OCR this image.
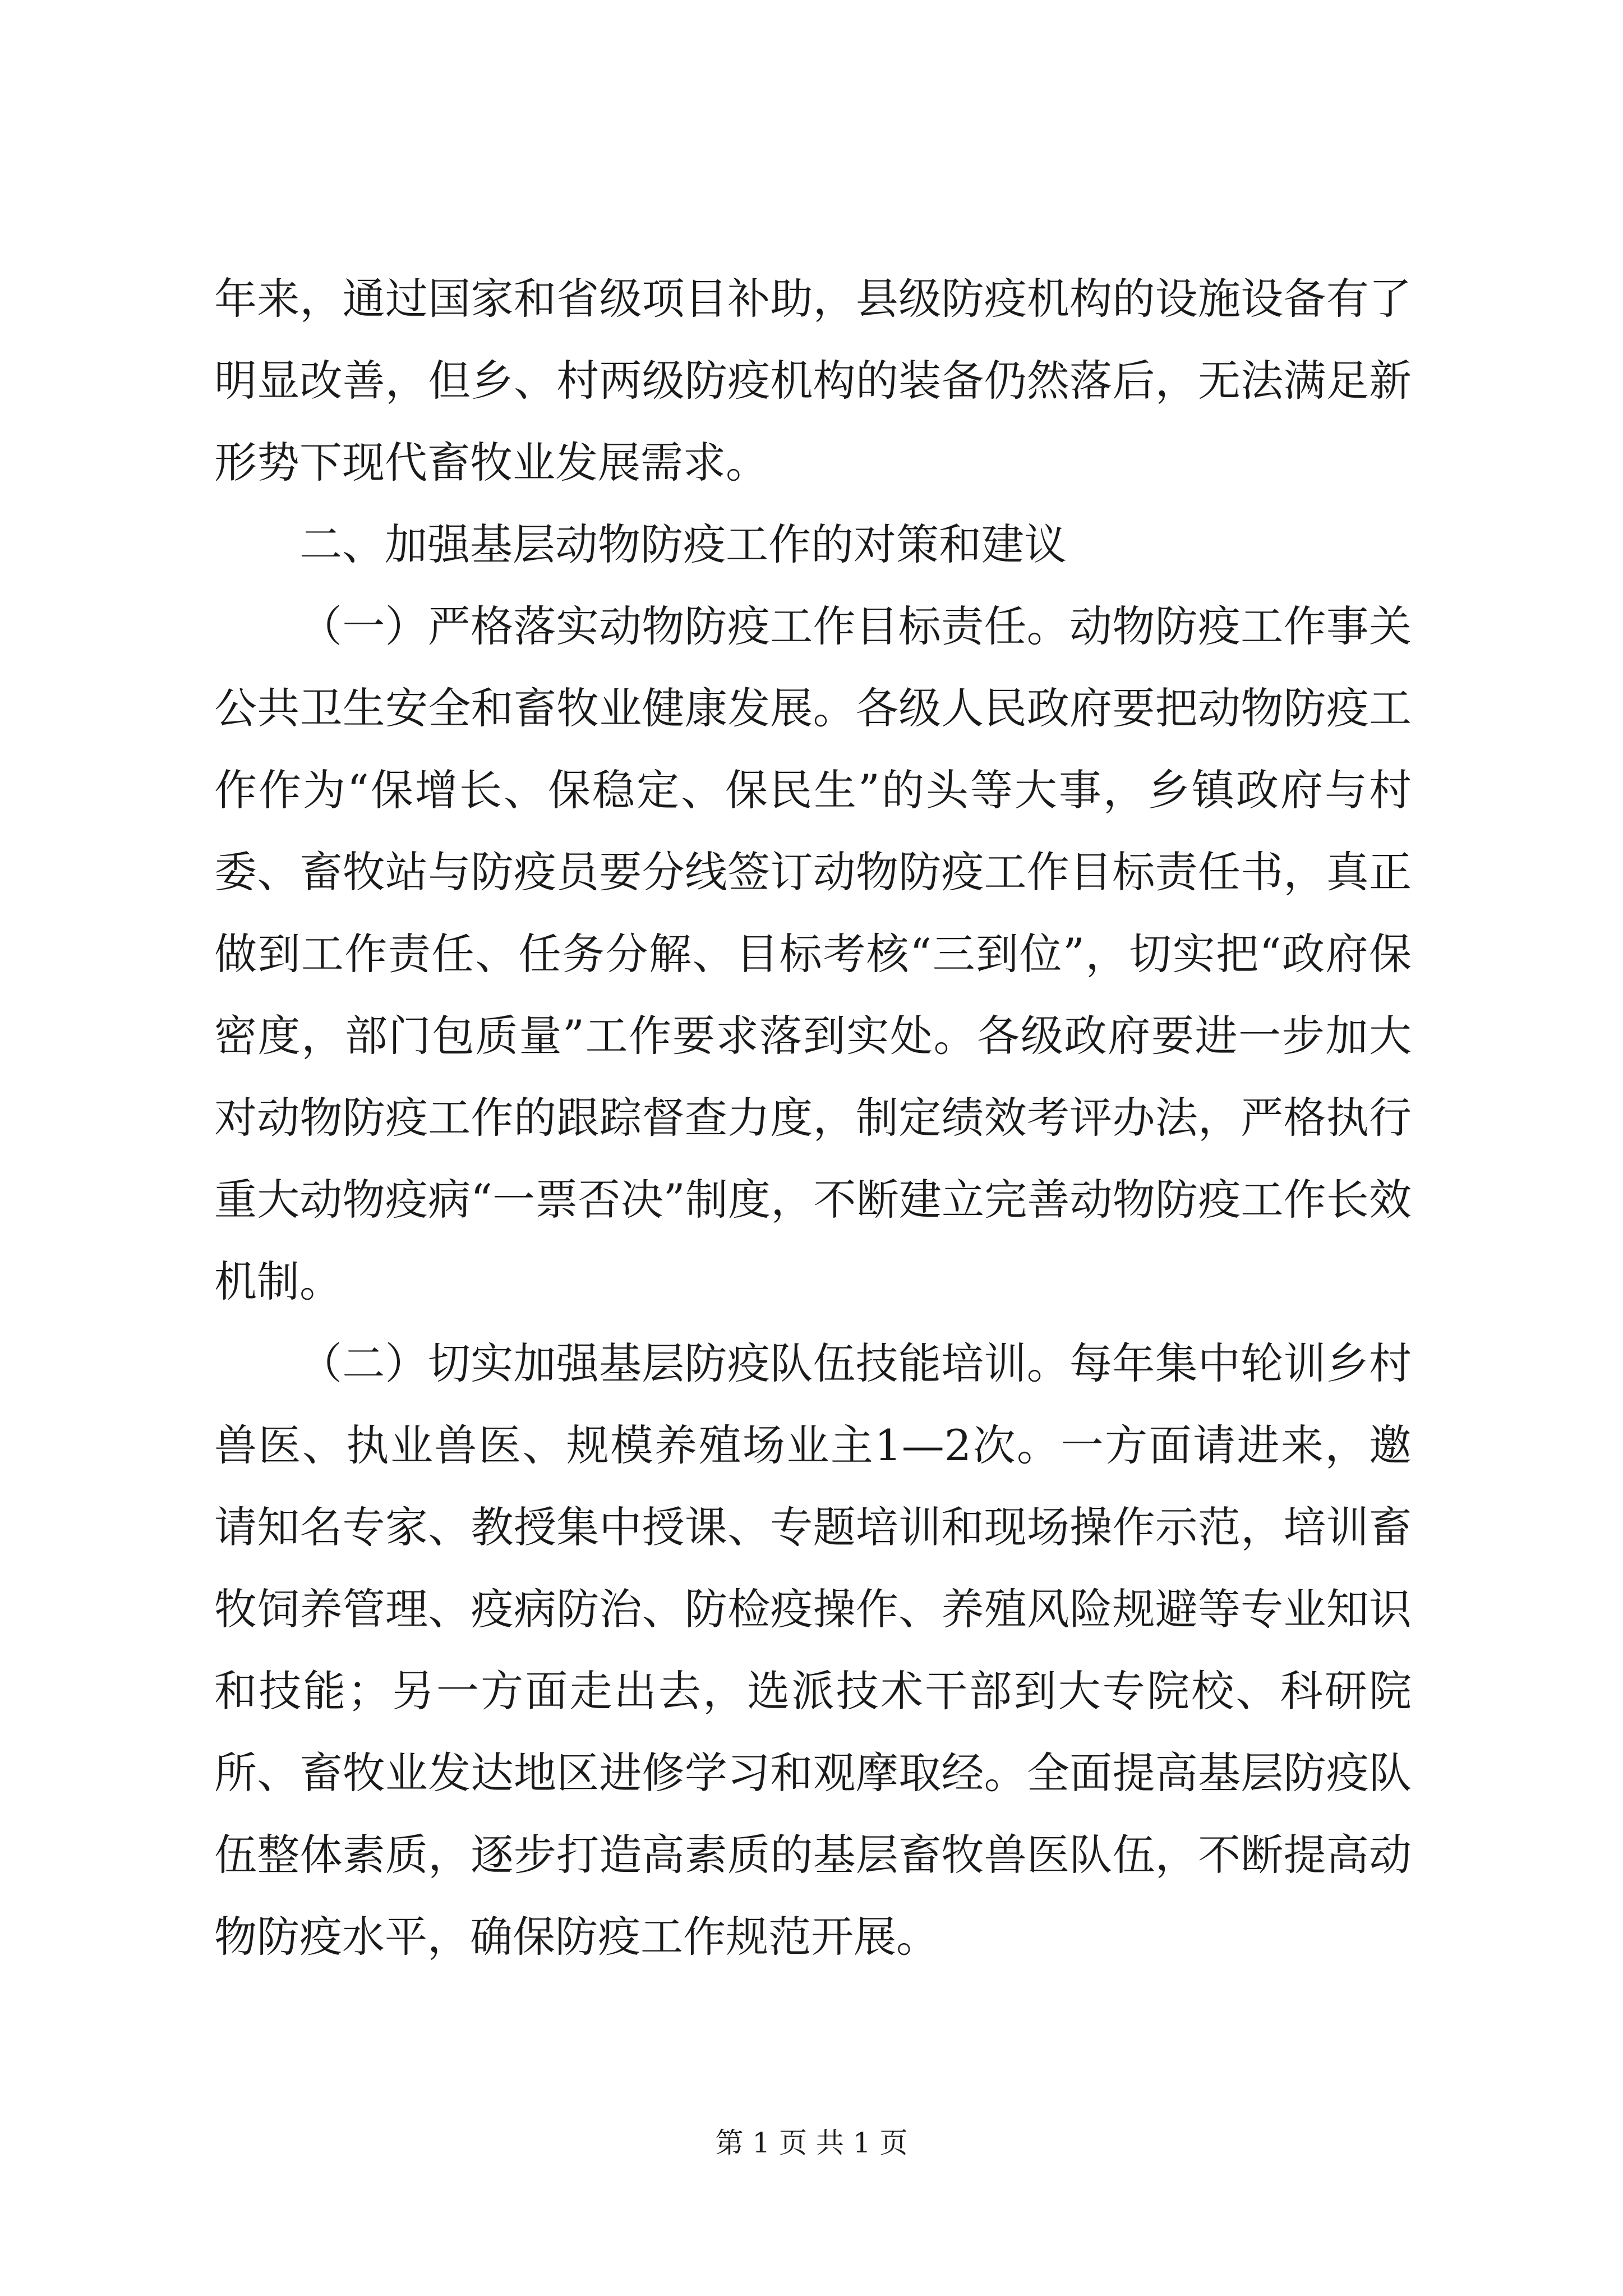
年来，通过国家和省级项目补助，县级防疫机构的设施设备有了明显改善，但乡、村两级防疫机构的装备仍然落后，无法满足新形势下现代畜牧业发展需求。

二、加强基层动物防疫工作的对策和建议

（一）严格落实动物防疫工作目标责任。动物防疫工作事关公共卫生安全和畜牧业健康发展。各级人民政府要把动物防疫工作作为“保增长、保稳定、保民生”的头等大事，乡镇政府与村委、畜牧站与防疫员要分线签订动物防疫工作目标责任书，真正做到工作责任、任务分解、目标考核“三到位”，切实把“政府保密度，部门包质量”工作要求落到实处。各级政府要进一步加大对动物防疫工作的跟踪督查力度，制定绩效考评办法，严格执行重大动物疫病“一票否决”制度，不断建立完善动物防疫工作长效机制。

（二）切实加强基层防疫队伍技能培训。每年集中轮训乡村兽医、执业兽医、规模养殖场业主1—2次。一方面请进来，邀请知名专家、教授集中授课、专题培训和现场操作示范，培训畜牧饲养管理、疫病防治、防检疫操作、养殖风险规避等专业知识和技能；另一方面走出去，选派技术干部到大专院校、科研院所、畜牧业发达地区进修学习和观摩取经。全面提高基层防疫队伍整体素质，逐步打造高素质的基层畜牧兽医队伍，不断提高动物防疫水平，确保防疫工作规范开展。

第 1 页 共 1 页
